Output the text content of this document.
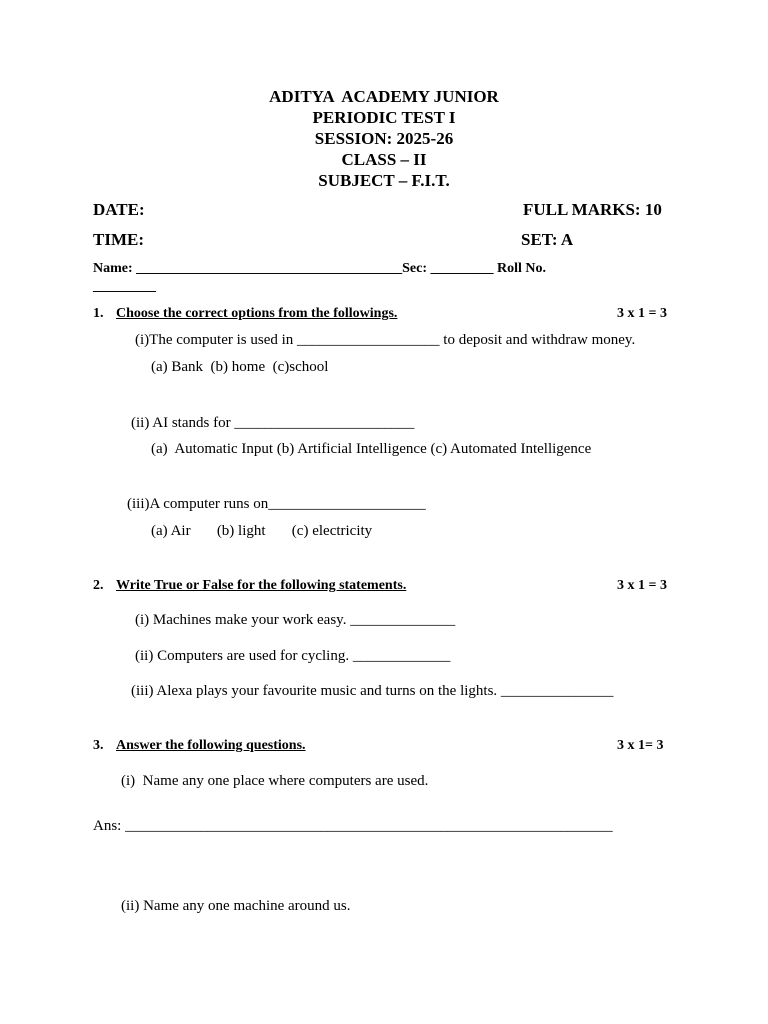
ADITYA  ACADEMY JUNIOR
PERIODIC TEST I
SESSION: 2025-26
CLASS – II
SUBJECT – F.I.T.
DATE:	FULL MARKS: 10
TIME:	SET: A
Name: ______________________________________Sec: _________ Roll No.
_________
1. Choose the correct options from the followings.	3 x 1 = 3
(i)The computer is used in ___________________ to deposit and withdraw money.
(a) Bank  (b) home  (c)school
(ii) AI stands for ________________________
(a)  Automatic Input (b) Artificial Intelligence (c) Automated Intelligence
(iii)A computer runs on_____________________
(a) Air       (b) light       (c) electricity
2. Write True or False for the following statements.	3 x 1 = 3
(i) Machines make your work easy. ______________
(ii) Computers are used for cycling. _____________
(iii) Alexa plays your favourite music and turns on the lights. _______________
3. Answer the following questions.	3 x 1= 3
(i)  Name any one place where computers are used.
Ans: _________________________________________________________________
(ii) Name any one machine around us.
